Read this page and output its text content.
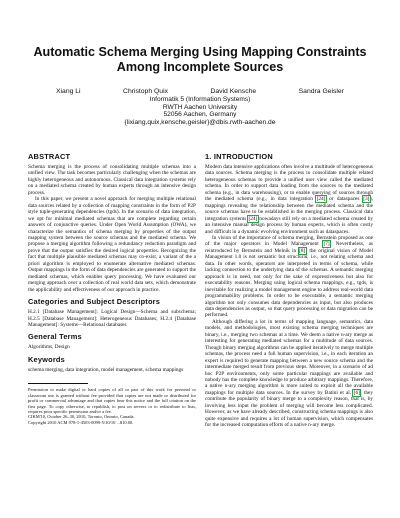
Automatic Schema Merging Using Mapping Constraints
Among Incomplete Sources
Xiang Li	Christoph Quix	David Kensche	Sandra Geisler
Informatik 5 (Information Systems)
RWTH Aachen University
52056 Aachen, Germany
{lixiang,quix,kensche,geisler}@dbis.rwth-aachen.de
ABSTRACT

Schema merging is the process of consolidating multiple schemas into a unified view. The task becomes particularly challenging when the schemas are highly heterogeneous and autonomous. Classical data integration systems rely on a mediated schema created by human experts through an intensive design process.

In this paper, we present a novel approach for merging multiple relational data sources related by a collection of mapping constraints in the form of P2P style tuple-generating dependencies (tgds). In the scenario of data integration, we opt for minimal mediated schemas that are complete regarding certain answers of conjunctive queries. Under Open World Assumption (OWA), we characterize the semantics of schema merging by properties of the output mapping system between the source schemas and the mediated schema. We propose a merging algorithm following a redundancy reduction paradigm and prove that the output satisfies the desired logical properties. Recognizing the fact that multiple plausible mediated schemas may co-exist, a variant of the a priori algorithm is employed to enumerate alternative mediated schemas. Output mappings in the form of data dependencies are generated to support the mediated schemas, which enables query processing. We have evaluated our merging approach over a collection of real world data sets, which demonstrate the applicability and effectiveness of our approach in practice.

Categories and Subject Descriptors

H.2.1 [Database Management]: Logical Design—Schema and subschema; H.2.5 [Database Management]: Heterogeneous Databases; H.2.4 [Database Management]: Systems—Relational databases

General Terms

Algorithms, Design

Keywords

schema merging, data integration, model management, schema mappings

Permission to make digital or hard copies of all or part of this work for personal or classroom use is granted without fee provided that copies are not made or distributed for profit or commercial advantage and that copies bear this notice and the full citation on the first page. To copy otherwise, to republish, to post on servers or to redistribute to lists, requires prior specific permission and/or a fee.

CIKM'10, October 26–30, 2010, Toronto, Ontario, Canada.

Copyright 2010 ACM 978-1-4503-0099-5/10/10 ...$10.00.

1. INTRODUCTION

Modern data intensive applications often involve a multitude of heterogeneous data sources. Schema merging is the process to consolidate multiple related heterogeneous schemas to provide a unified user view called the mediated schema. In order to support data loading from the sources to the mediated schema (e.g., in data warehousing), or to enable querying of sources through the mediated schema (e.g., in data integration [24] or dataspaces [3]), mappings revealing the relationship between the mediated schema and the source schemas have to be established in the merging process. Classical data integration systems [24] nowadays still rely on a mediated schema created by an intensive manual design process by human experts, which is often costly and difficult in a dynamic evolving environment such as dataspaces.

In vision of the importance of schema merging, Bernstein proposed as one of the major operators in Model Management [7]. Nevertheless, as reintroduced by Bernstein and Melnik in [8], the original vision of Model Management 1.0 is not semantic but structural, i.e., not relating schema and data. In other words, operators are interpreted in terms of schema, while lacking connection to the underlying data of the schemas. A semantic merging approach is in need, not only for the sake of expressiveness but also for executability reasons. Merging using logical schema mappings, e.g., tgds, is inevitable for realizing a model management engine to address real-world data programmability problems. In order to be executable, a semantic merging algorithm not only consumes data dependencies as input, but also produces data dependencies as output, so that query processing or data migration can be performed.

Although differing a lot in terms of mapping language, semantics, data models, and methodologies, most existing schema merging techniques are binary, i.e., merging two schemas at a time. We deem a native n-ary merge as interesting for generating mediated schemas for a multitude of data sources. Though binary merging algorithms can be applied iteratively to merge multiple schemas, the process need a full human supervision, i.e., in each iteration an expert is required to generate mapping between a new source schema and the intermediate merged result from previous steps. Moreover, in a scenario of ad hoc P2P environments, only some particular mappings are available and nobody has the complete knowledge to produce arbitrary mappings. Therefore, a native n-ary merging algorithm is more suited to exploit all the available mappings for multiple data sources. In the survey by Batini et al. [6], they contribute the popularity of binary merge to a complexity reason, that is, by involving less input the problem of merging will become less complicated. However, as we have already described, constructing schema mappings is also quite expensive and requires a lot of human supervision, which compensates for the increased computation efforts of a native n-ary merge.
